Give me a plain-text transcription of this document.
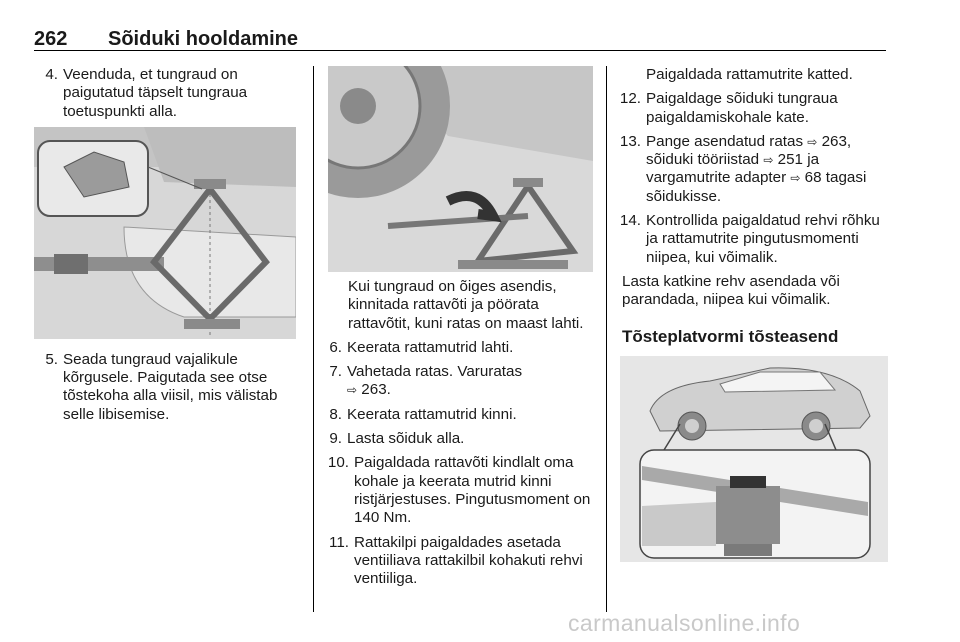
262 Sõiduki hooldamine
4. Veenduda, et tungraud on paigutatud täpselt tungraua toetuspunkti alla.
5. Seada tungraud vajalikule kõrgusele. Paigutada see otse tõstekoha alla viisil, mis välistab selle libisemise.
Kui tungraud on õiges asendis, kinnitada rattavõti ja pöörata rattavõtit, kuni ratas on maast lahti.
6. Keerata rattamutrid lahti.
7. Vahetada ratas. Varuratas
⇨ 263.
8. Keerata rattamutrid kinni.
9. Lasta sõiduk alla.
10. Paigaldada rattavõti kindlalt oma kohale ja keerata mutrid kinni ristjärjestuses. Pingutusmoment on 140 Nm.
11. Rattakilpi paigaldades asetada ventiiliava rattakilbil kohakuti rehvi ventiiliga.
Paigaldada rattamutrite katted.
12. Paigaldage sõiduki tungraua paigaldamiskohale kate.
13. Pange asendatud ratas ⇨ 263, sõiduki tööriistad ⇨ 251 ja vargamutrite adapter ⇨ 68 tagasi sõidukisse.
14. Kontrollida paigaldatud rehvi rõhku ja rattamutrite pingutusmomenti niipea, kui võimalik.
Lasta katkine rehv asendada või parandada, niipea kui võimalik.
Tõsteplatvormi tõsteasend
carmanualsonline.info
